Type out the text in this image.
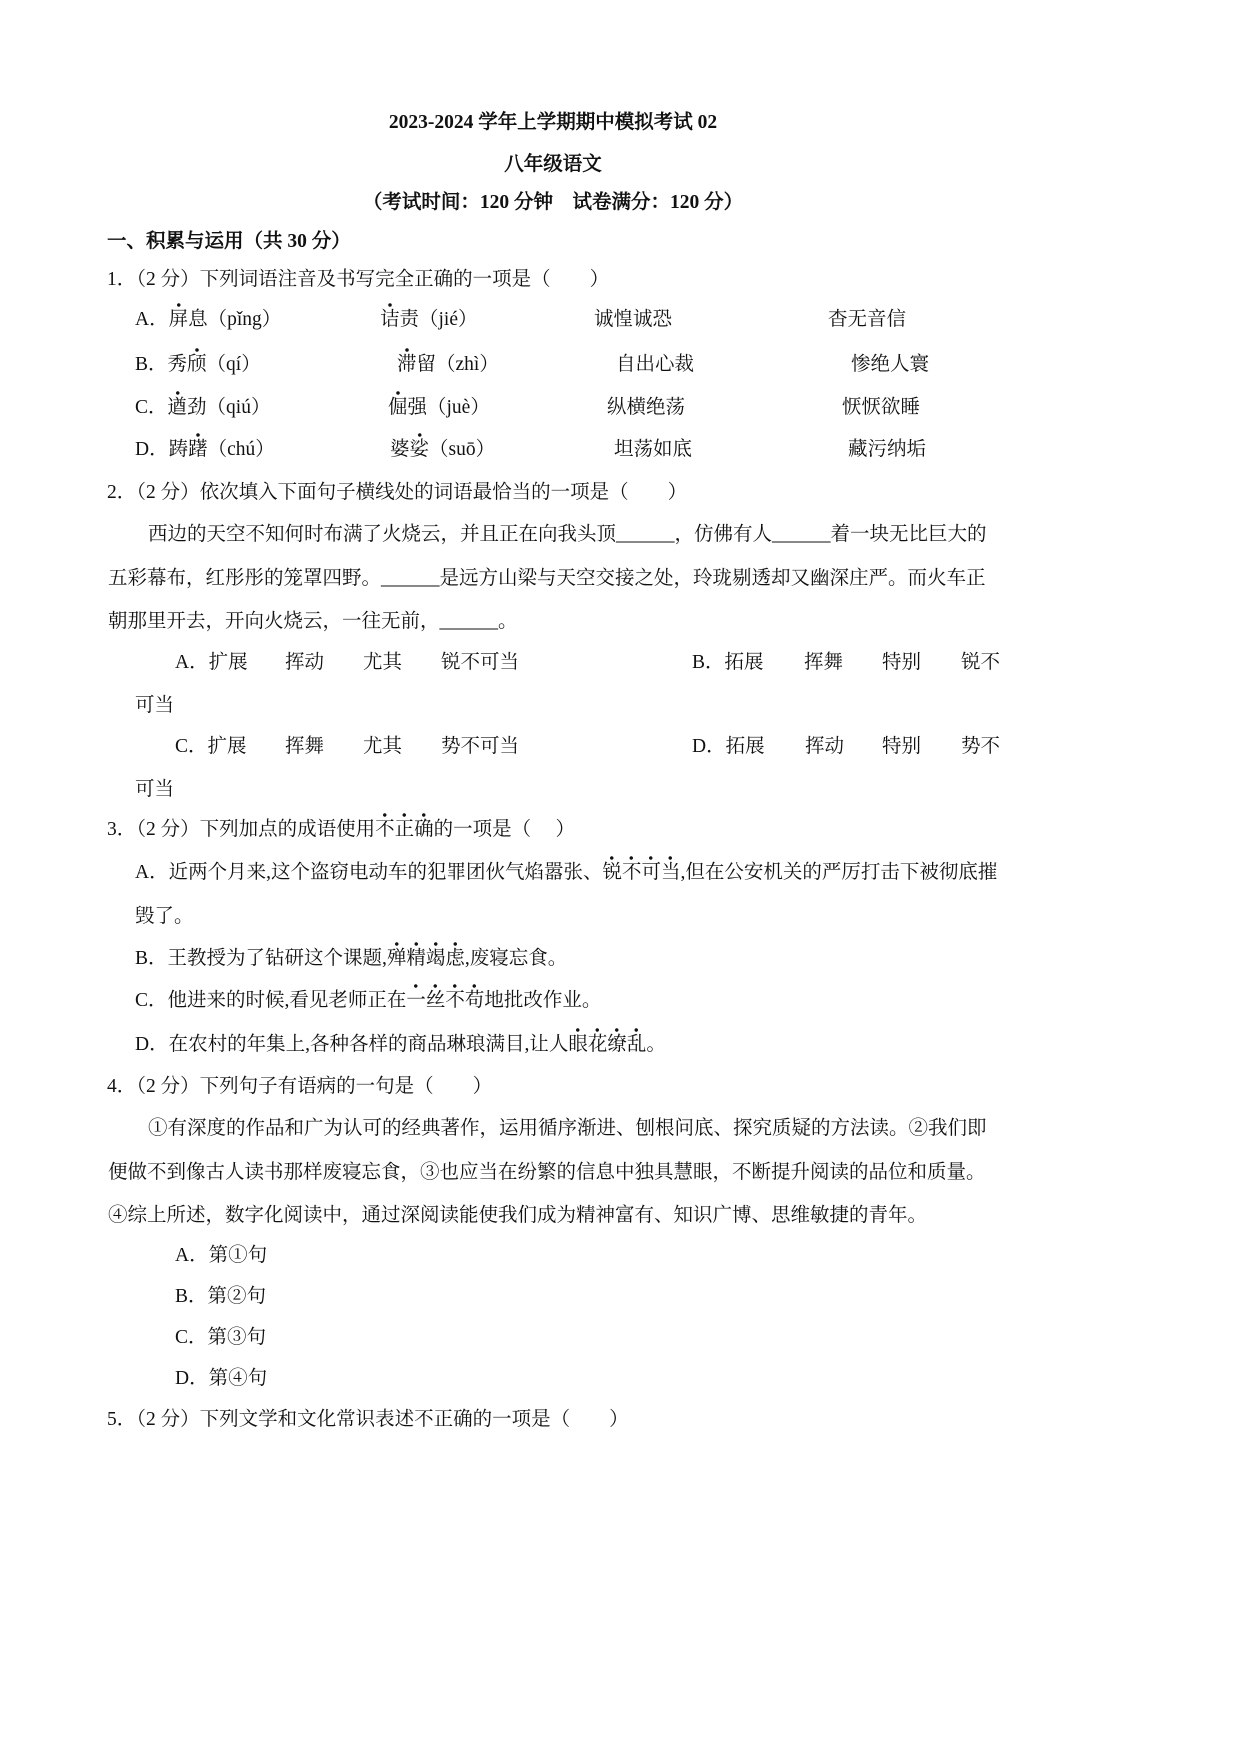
2023-2024 学年上学期期中模拟考试 02
八年级语文
（考试时间：120 分钟　试卷满分：120 分）
一、积累与运用（共 30 分）
1．（2 分）下列词语注音及书写完全正确的一项是（　　）
A．屏息（pǐng）	诘责（jié）	诚惶诚恐	杳无音信
B．秀颀（qí）	滞留（zhì）	自出心裁	惨绝人寰
C．遒劲（qiú）	倔强（juè）	纵横绝荡	恹恹欲睡
D．踌躇（chú）	婆娑（suō）	坦荡如底	藏污纳垢
2．（2 分）依次填入下面句子横线处的词语最恰当的一项是（　　）
西边的天空不知何时布满了火烧云，并且正在向我头顶______，仿佛有人______着一块无比巨大的
五彩幕布，红彤彤的笼罩四野。______是远方山梁与天空交接之处，玲珑剔透却又幽深庄严。而火车正
朝那里开去，开向火烧云，一往无前，______。
A．扩展 挥动 尤其 锐不可当	B．拓展 挥舞 特别 锐不
可当
C．扩展 挥舞 尤其 势不可当	D．拓展 挥动 特别 势不
可当
3．（2 分）下列加点的成语使用不正确的一项是（　 ）
A．近两个月来,这个盗窃电动车的犯罪团伙气焰嚣张、锐不可当,但在公安机关的严厉打击下被彻底摧
毁了。
B．王教授为了钻研这个课题,殚精竭虑,废寝忘食。
C．他进来的时候,看见老师正在一丝不苟地批改作业。
D．在农村的年集上,各种各样的商品琳琅满目,让人眼花缭乱。
4．（2 分）下列句子有语病的一句是（　　）
①有深度的作品和广为认可的经典著作，运用循序渐进、刨根问底、探究质疑的方法读。②我们即
便做不到像古人读书那样废寝忘食，③也应当在纷繁的信息中独具慧眼，不断提升阅读的品位和质量。
④综上所述，数字化阅读中，通过深阅读能使我们成为精神富有、知识广博、思维敏捷的青年。
A．第①句
B．第②句
C．第③句
D．第④句
5．（2 分）下列文学和文化常识表述不正确的一项是（　　）
